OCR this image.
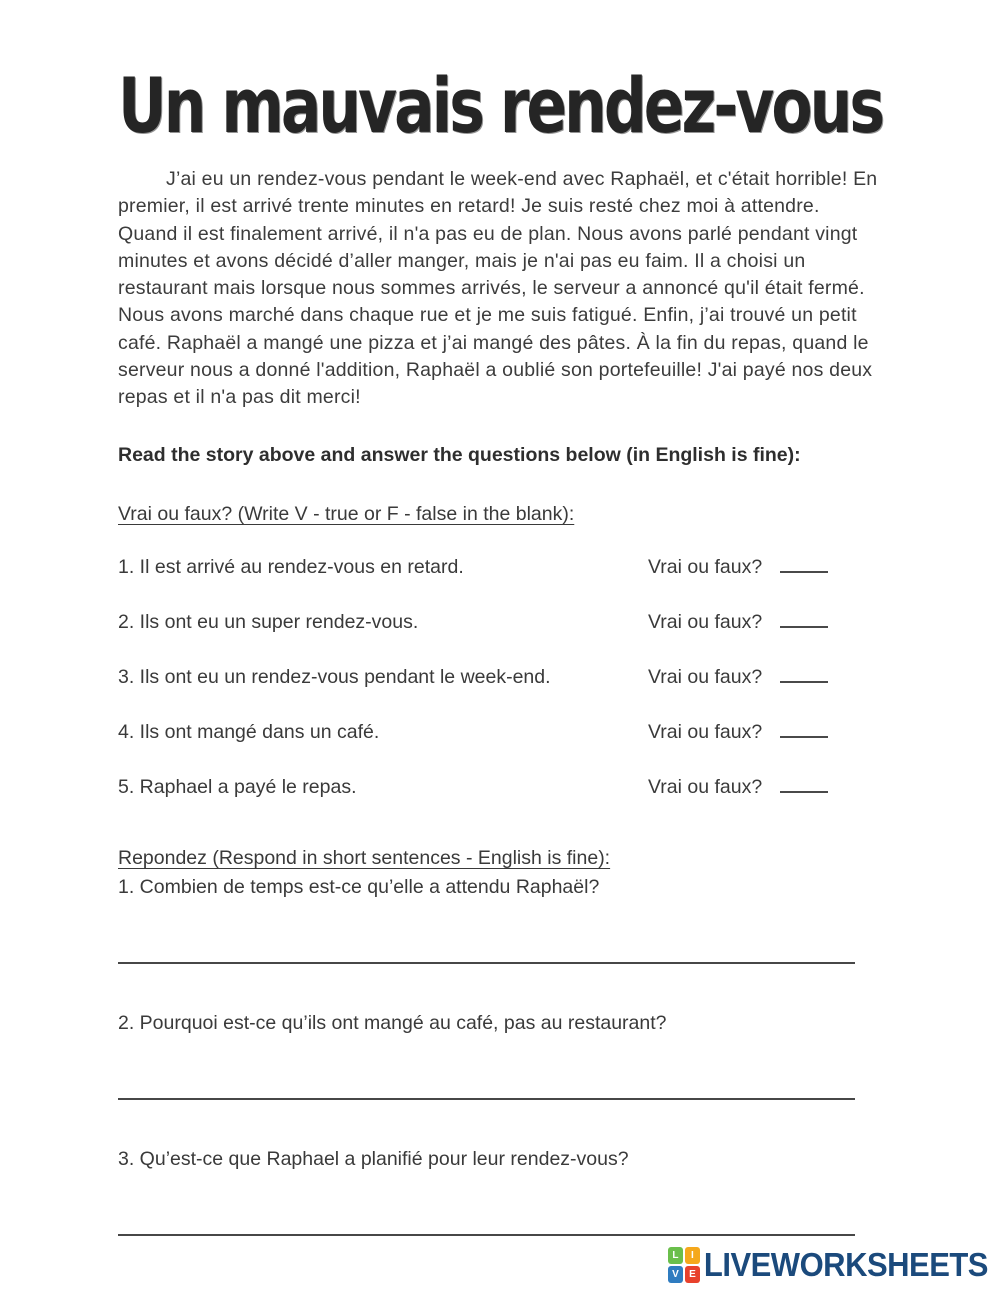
Un mauvais rendez-vous
J’ai eu un rendez-vous pendant le week-end avec Raphaël, et c'était horrible! En premier, il est arrivé trente minutes en retard! Je suis resté chez moi à attendre. Quand il est finalement arrivé, il n'a pas eu de plan. Nous avons parlé pendant vingt minutes et avons décidé d’aller manger, mais je n'ai pas eu faim. Il a choisi un restaurant mais lorsque nous sommes arrivés, le serveur a annoncé qu'il était fermé. Nous avons marché dans chaque rue et je me suis fatigué. Enfin, j’ai trouvé un petit café. Raphaël a mangé une pizza et j’ai mangé des pâtes. À la fin du repas, quand le serveur nous a donné l'addition, Raphaël a oublié son portefeuille! J'ai payé nos deux repas et il n'a pas dit merci!
Read the story above and answer the questions below (in English is fine):
Vrai ou faux? (Write V - true or F - false in the blank):
1. Il est arrivé au rendez-vous en retard.	Vrai ou faux?
2. Ils ont eu un super rendez-vous.	Vrai ou faux?
3. Ils ont eu un rendez-vous pendant le week-end.	Vrai ou faux?
4. Ils ont mangé dans un café.	Vrai ou faux?
5. Raphael a payé le repas.	Vrai ou faux?
Repondez (Respond in short sentences - English is fine):
1. Combien de temps est-ce qu’elle a attendu Raphaël?
2. Pourquoi est-ce qu’ils ont mangé au café, pas au restaurant?
3. Qu’est-ce que Raphael a planifié pour leur rendez-vous?
L	I
V	E LIVEWORKSHEETS
